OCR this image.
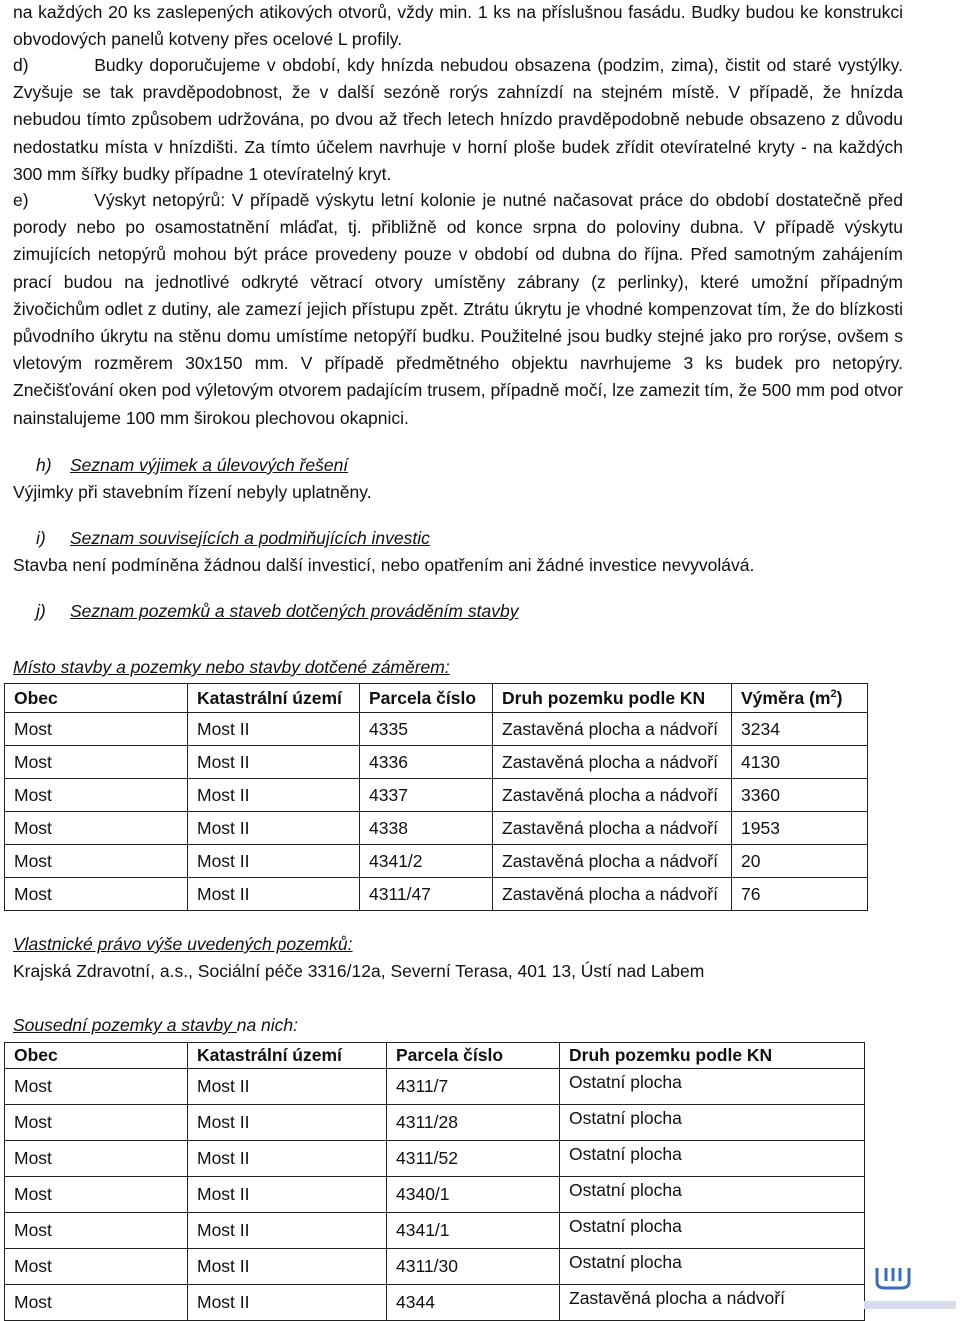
na každých 20 ks zaslepených atikových otvorů, vždy min. 1 ks na příslušnou fasádu. Budky budou ke konstrukci obvodových panelů kotveny přes ocelové L profily.

d)          Budky doporučujeme v období, kdy hnízda nebudou obsazena (podzim, zima), čistit od staré vystýlky. Zvyšuje se tak pravděpodobnost, že v další sezóně rorýs zahnízdí na stejném místě. V případě, že hnízda nebudou tímto způsobem udržována, po dvou až třech letech hnízdo pravděpodobně nebude obsazeno z důvodu nedostatku místa v hnízdišti. Za tímto účelem navrhuje v horní ploše budek zřídit otevíratelné kryty - na každých 300 mm šířky budky případne 1 otevíratelný kryt.

e)          Výskyt netopýrů: V případě výskytu letní kolonie je nutné načasovat práce do období dostatečně před porody nebo po osamostatnění mláďat, tj. přibližně od konce srpna do poloviny dubna. V případě výskytu zimujících netopýrů mohou být práce provedeny pouze v období od dubna do října. Před samotným zahájením prací budou na jednotlivé odkryté větrací otvory umístěny zábrany (z perlinky), které umožní případným živočichům odlet z dutiny, ale zamezí jejich přístupu zpět. Ztrátu úkrytu je vhodné kompenzovat tím, že do blízkosti původního úkrytu na stěnu domu umístíme netopýří budku. Použitelné jsou budky stejné jako pro rorýse, ovšem s vletovým rozměrem 30x150 mm. V případě předmětného objektu navrhujeme 3 ks budek pro netopýry. Znečišťování oken pod výletovým otvorem padajícím trusem, případně močí, lze zamezit tím, že 500 mm pod otvor nainstalujeme 100 mm širokou plechovou okapnici.

h) Seznam výjimek a úlevových řešení
Výjimky při stavebním řízení nebyly uplatněny.
i) Seznam souvisejících a podmiňujících investic
Stavba není podmíněna žádnou další investicí, nebo opatřením ani žádné investice nevyvolává.
j) Seznam pozemků a staveb dotčených prováděním stavby
Místo stavby a pozemky nebo stavby dotčené záměrem:
Obec	Katastrální území	Parcela číslo	Druh pozemku podle KN	Výměra $(m^2)$
Most	Most II	4335	Zastavěná plocha a nádvoří	3234
Most	Most II	4336	Zastavěná plocha a nádvoří	4130
Most	Most II	4337	Zastavěná plocha a nádvoří	3360
Most	Most II	4338	Zastavěná plocha a nádvoří	1953
Most	Most II	4341/2	Zastavěná plocha a nádvoří	20
Most	Most II	4311/47	Zastavěná plocha a nádvoří	76
Vlastnické právo výše uvedených pozemků:
Krajská Zdravotní, a.s., Sociální péče 3316/12a, Severní Terasa, 401 13, Ústí nad Labem
Sousední pozemky a stavby na nich:
Obec	Katastrální území	Parcela číslo	Druh pozemku podle KN
Most	Most II	4311/7	Ostatní plocha
Most	Most II	4311/28	Ostatní plocha
Most	Most II	4311/52	Ostatní plocha
Most	Most II	4340/1	Ostatní plocha
Most	Most II	4341/1	Ostatní plocha
Most	Most II	4311/30	Ostatní plocha
Most	Most II	4344	Zastavěná plocha a nádvoří
